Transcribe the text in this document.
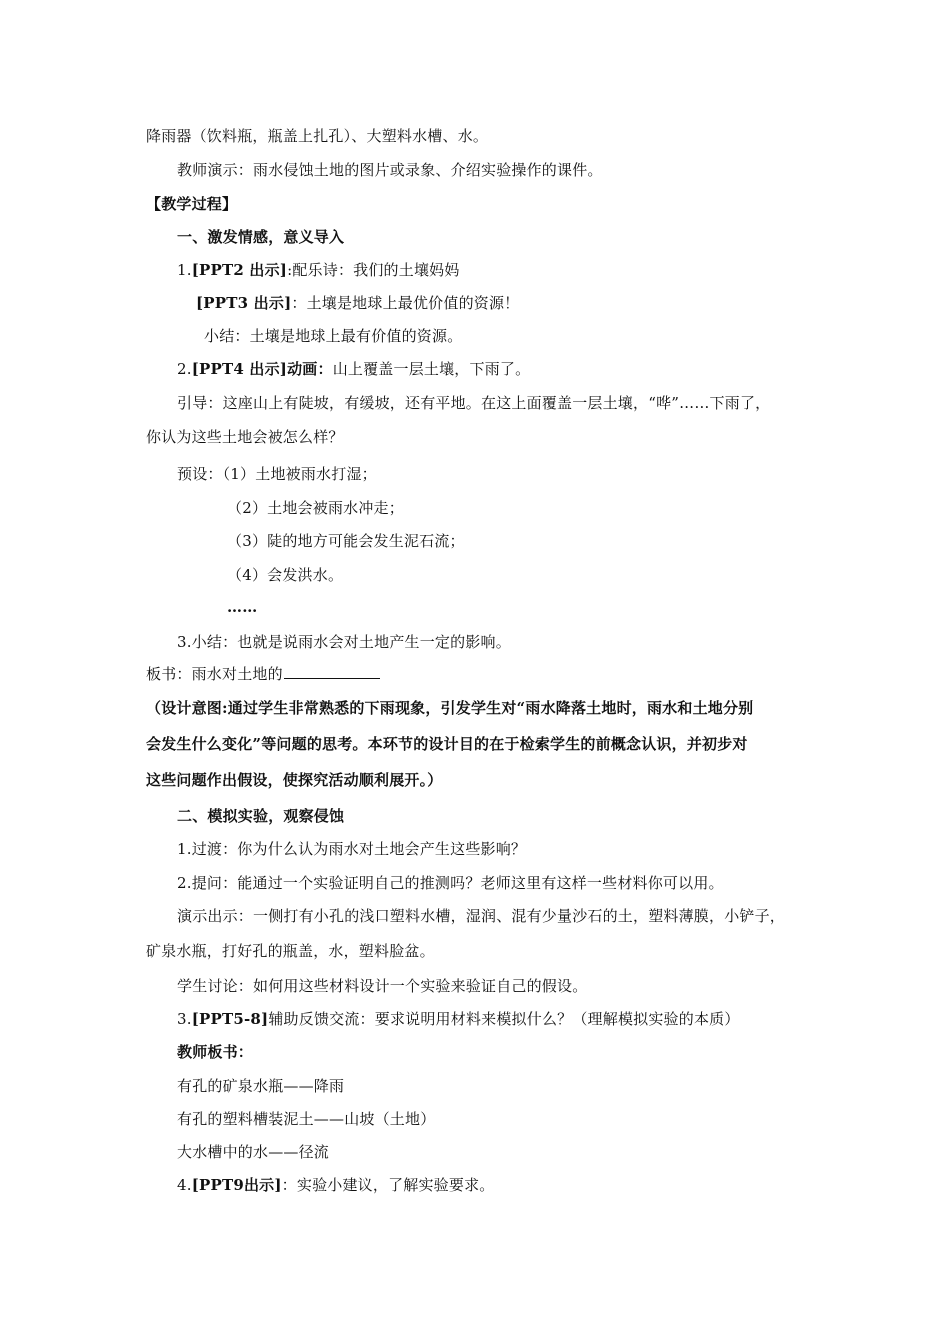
降雨器（饮料瓶，瓶盖上扎孔）、大塑料水槽、水。
教师演示：雨水侵蚀土地的图片或录象、介绍实验操作的课件。
【教学过程】
一、激发情感，意义导入
1.[PPT2 出示]:配乐诗：我们的土壤妈妈
[PPT3 出示]：土壤是地球上最优价值的资源！
小结：土壤是地球上最有价值的资源。
2.[PPT4 出示]动画：山上覆盖一层土壤，下雨了。
引导：这座山上有陡坡，有缓坡，还有平地。在这上面覆盖一层土壤，“哗”……下雨了，
你认为这些土地会被怎么样？
预设：（1）土地被雨水打湿；
（2）土地会被雨水冲走；
（3）陡的地方可能会发生泥石流；
（4）会发洪水。
……
3.小结：也就是说雨水会对土地产生一定的影响。
板书：雨水对土地的
（设计意图:通过学生非常熟悉的下雨现象，引发学生对“雨水降落土地时，雨水和土地分别
会发生什么变化”等问题的思考。本环节的设计目的在于检索学生的前概念认识，并初步对
这些问题作出假设，使探究活动顺利展开。）
二、模拟实验，观察侵蚀
1.过渡：你为什么认为雨水对土地会产生这些影响？
2.提问：能通过一个实验证明自己的推测吗？老师这里有这样一些材料你可以用。
演示出示：一侧打有小孔的浅口塑料水槽，湿润、混有少量沙石的土，塑料薄膜，小铲子，
矿泉水瓶，打好孔的瓶盖，水，塑料脸盆。
学生讨论：如何用这些材料设计一个实验来验证自己的假设。
3.[PPT5-8]辅助反馈交流：要求说明用材料来模拟什么？（理解模拟实验的本质）
教师板书：
有孔的矿泉水瓶——降雨
有孔的塑料槽装泥土——山坡（土地）
大水槽中的水——径流
4.[PPT9出示]：实验小建议，了解实验要求。
